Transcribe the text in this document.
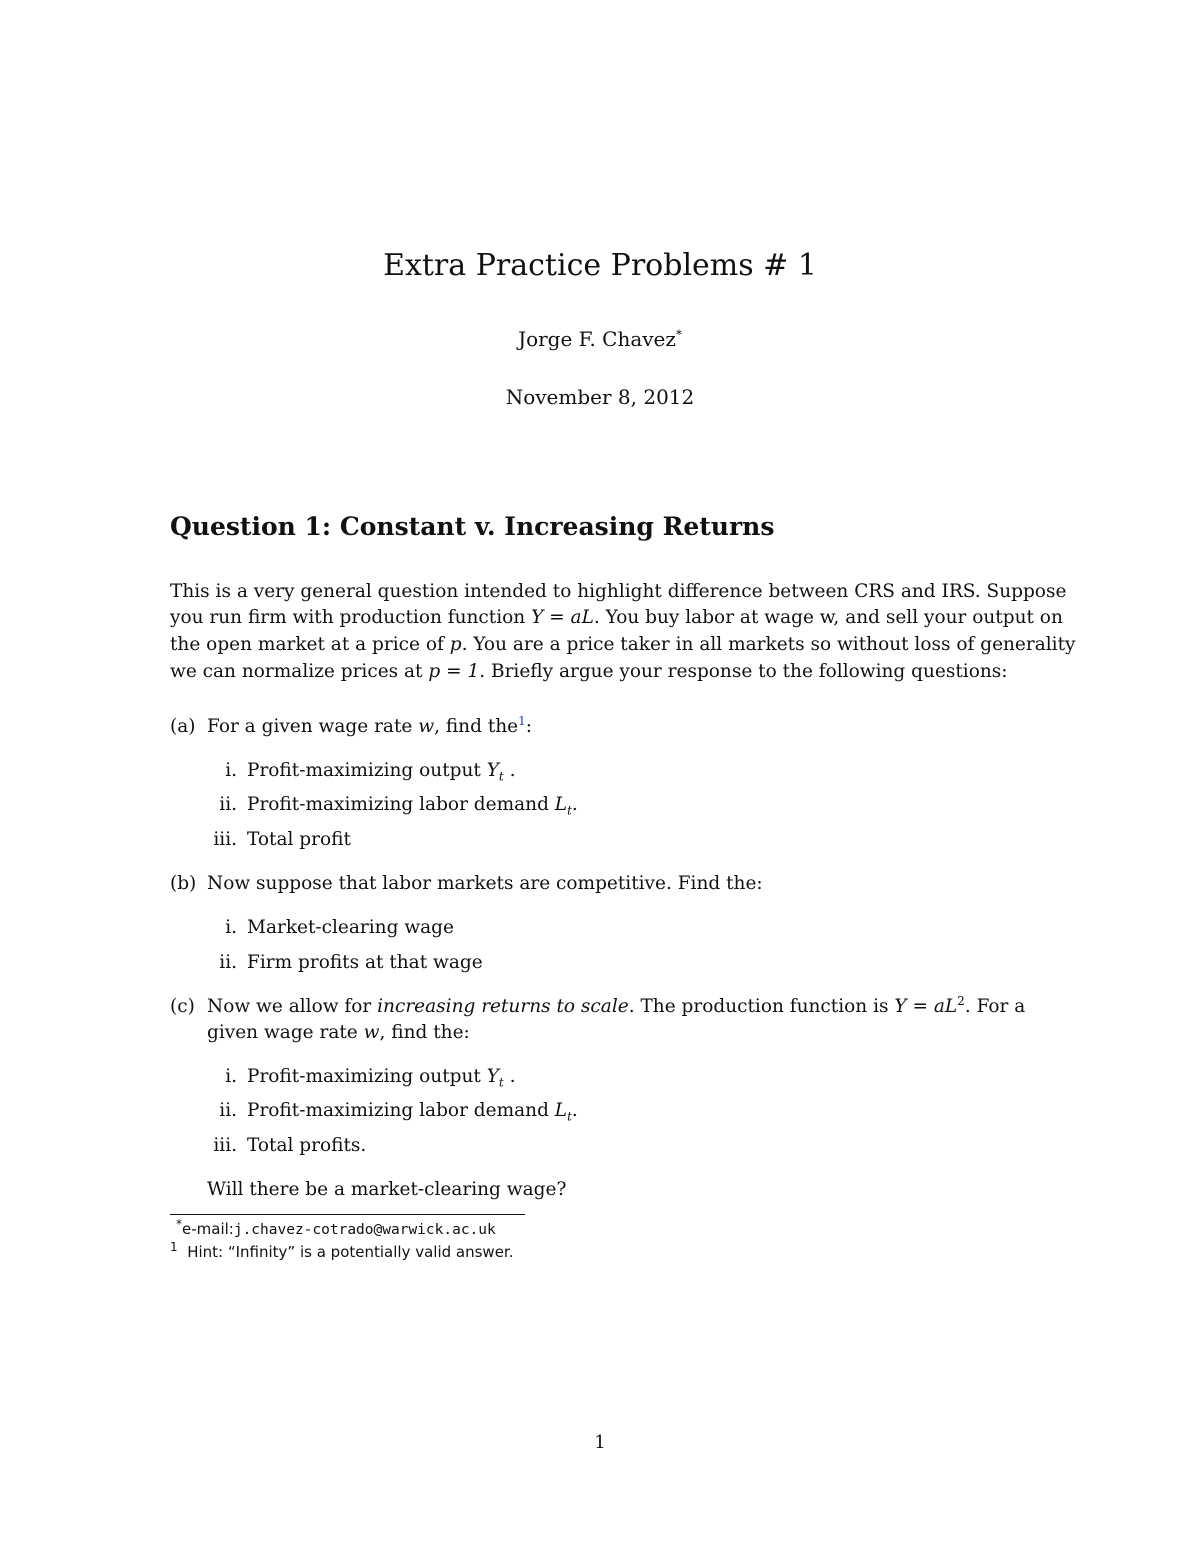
Extra Practice Problems # 1
Jorge F. Chavez*
November 8, 2012
Question 1: Constant v. Increasing Returns
This is a very general question intended to highlight difference between CRS and IRS. Suppose
you run firm with production function Y = aL. You buy labor at wage w, and sell your output on
the open market at a price of p. You are a price taker in all markets so without loss of generality
we can normalize prices at p = 1. Briefly argue your response to the following questions:
(a) For a given wage rate w, find the$^1$:
i. Profit-maximizing output $Y_t$ .
ii. Profit-maximizing labor demand $L_t$.
iii. Total profit
(b) Now suppose that labor markets are competitive. Find the:
i. Market-clearing wage
ii. Firm profits at that wage
(c) Now we allow for increasing returns to scale. The production function is $Y = aL^2$. For a
given wage rate w, find the:
i. Profit-maximizing output $Y_t$ .
ii. Profit-maximizing labor demand $L_t$.
iii. Total profits.
Will there be a market-clearing wage?
*e-mail:j.chavez-cotrado@warwick.ac.uk
$^1$ Hint: “Infinity” is a potentially valid answer.
1
